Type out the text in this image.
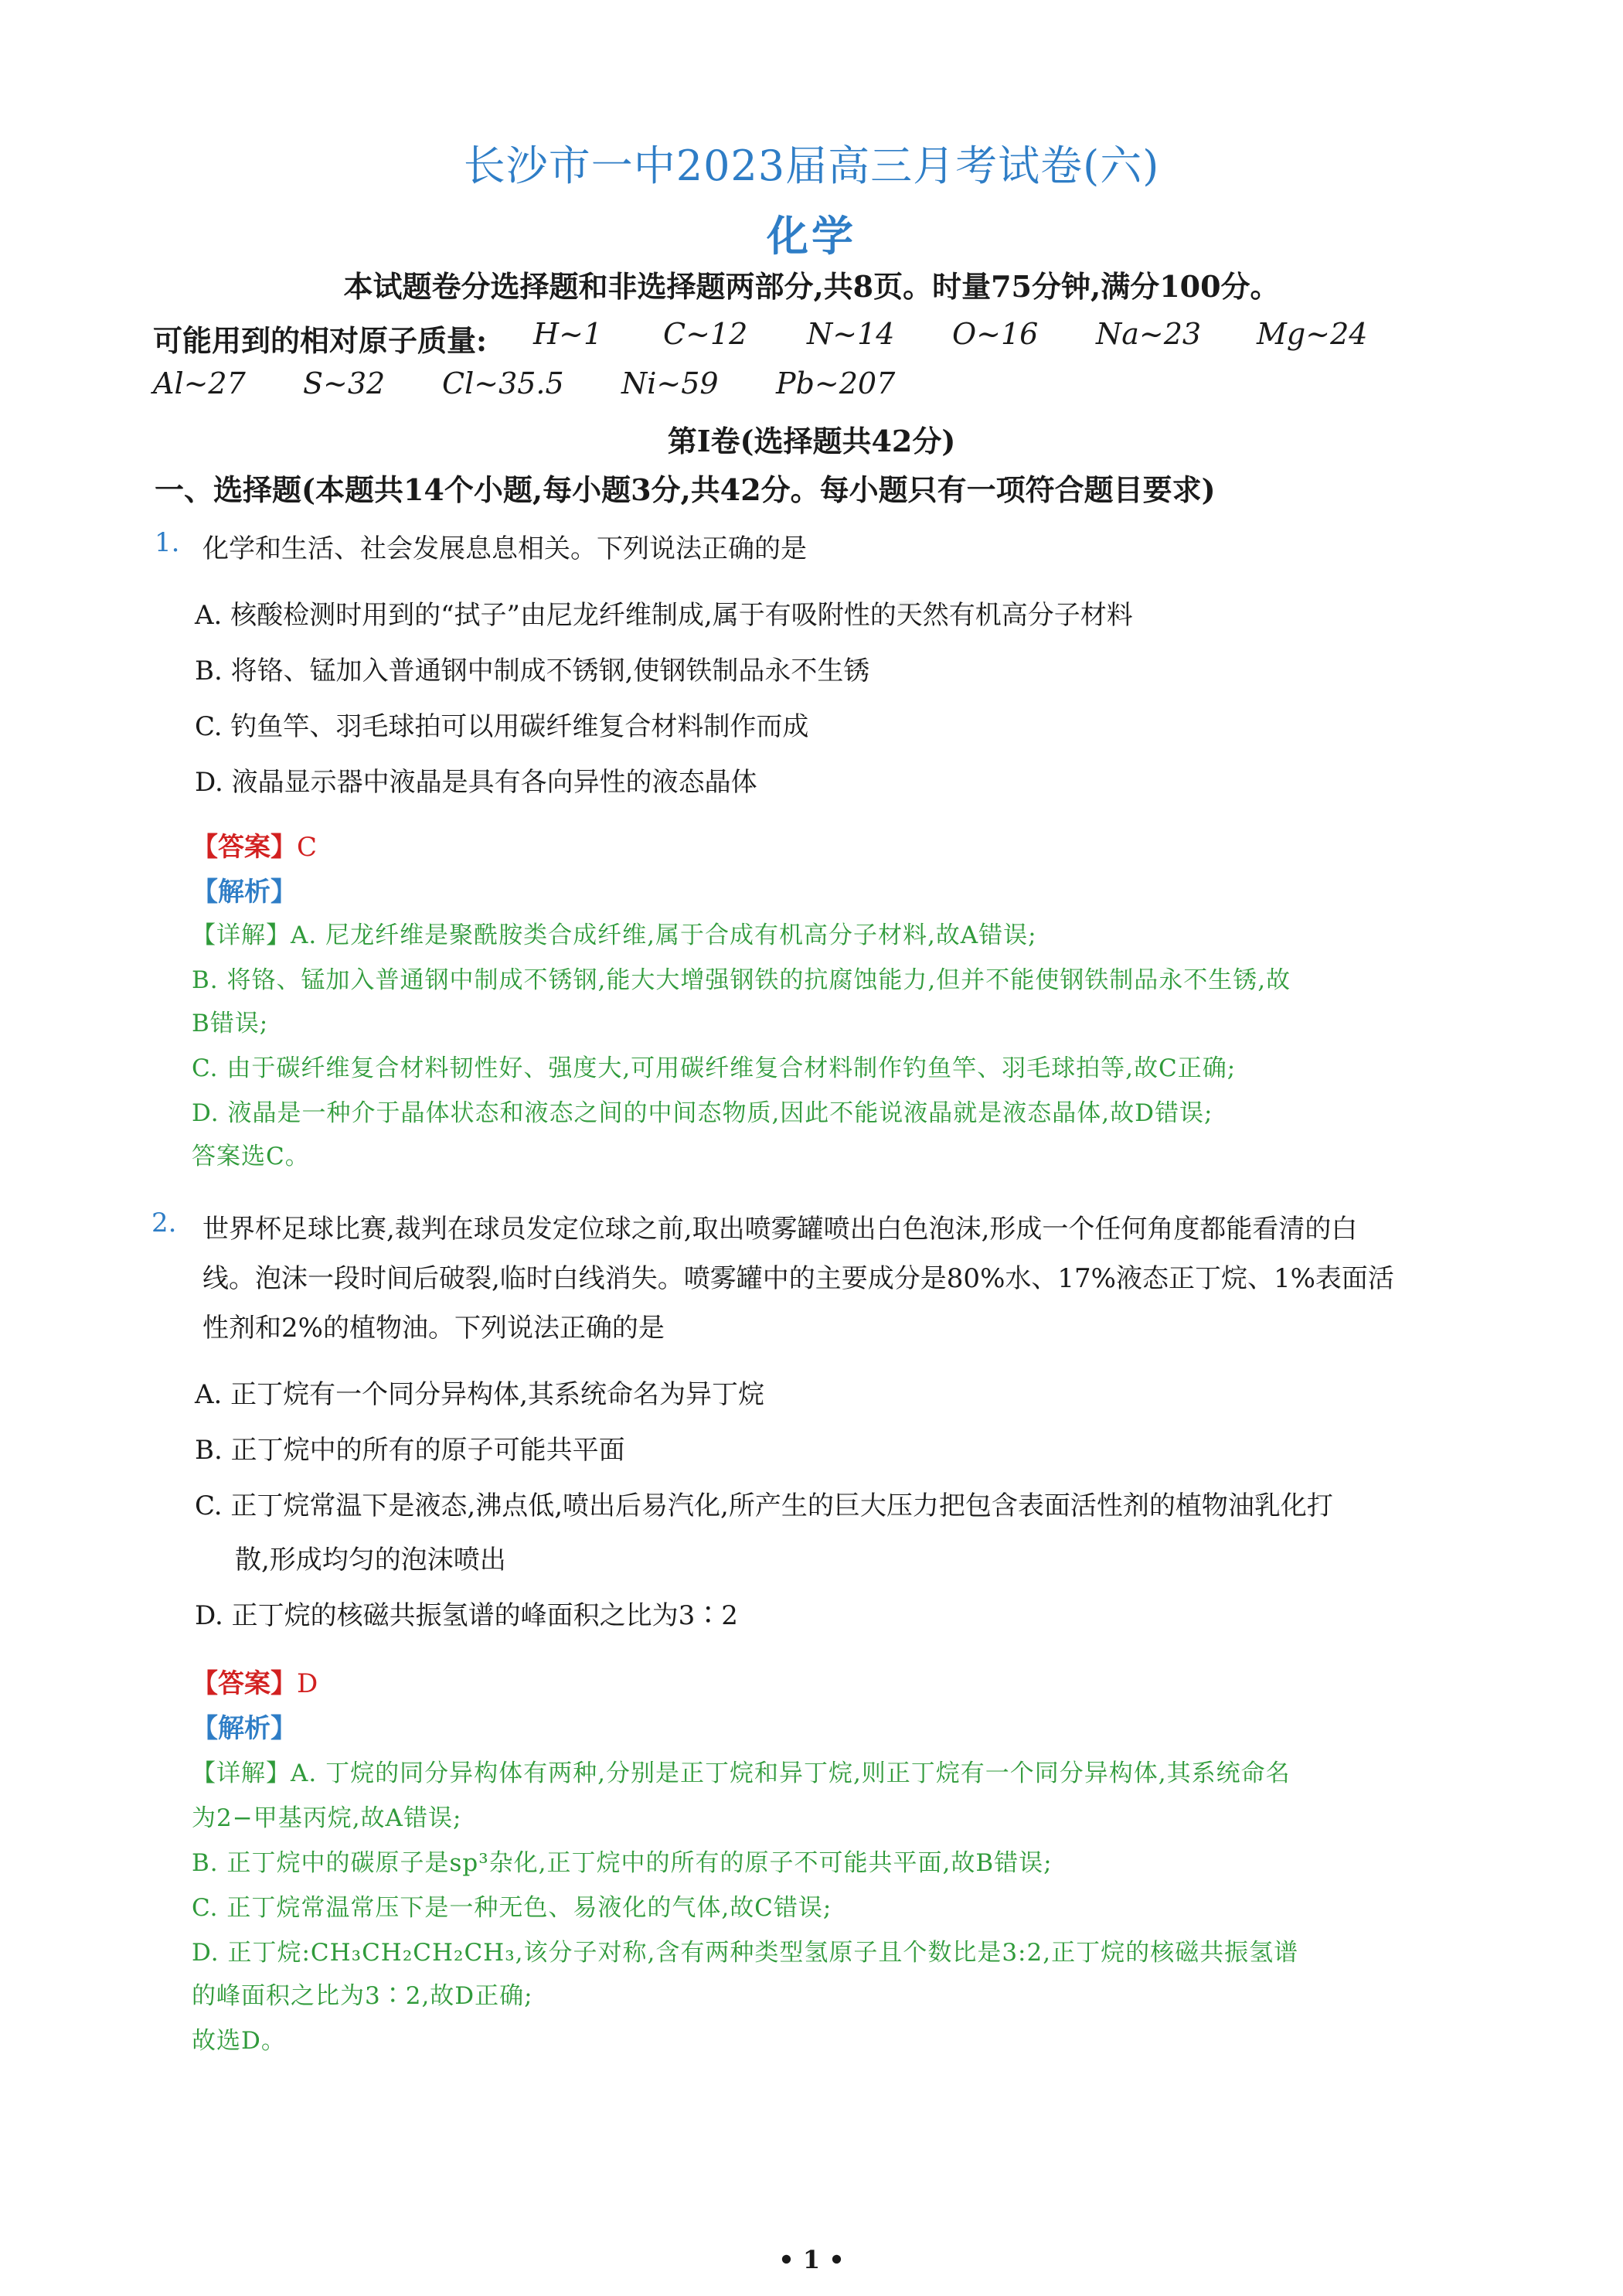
·
长沙市一中2023届高三月考试卷(六)
化学
本试题卷分选择题和非选择题两部分,共8页。时量75分钟,满分100分。
可能用到的相对原子质量: H~1 C~12 N~14 O~16 Na~23 Mg~24
Al~27 S~32 Cl~35.5 Ni~59 Pb~207
第Ⅰ卷(选择题共42分)
一、选择题(本题共14个小题,每小题3分,共42分。每小题只有一项符合题目要求)
1. 化学和生活、社会发展息息相关。下列说法正确的是
A. 核酸检测时用到的“拭子”由尼龙纤维制成,属于有吸附性的天然有机高分子材料
B. 将铬、锰加入普通钢中制成不锈钢,使钢铁制品永不生锈
C. 钓鱼竿、羽毛球拍可以用碳纤维复合材料制作而成
D. 液晶显示器中液晶是具有各向异性的液态晶体
【答案】C
【解析】
【详解】A. 尼龙纤维是聚酰胺类合成纤维,属于合成有机高分子材料,故A错误;
B. 将铬、锰加入普通钢中制成不锈钢,能大大增强钢铁的抗腐蚀能力,但并不能使钢铁制品永不生锈,故
B错误;
C. 由于碳纤维复合材料韧性好、强度大,可用碳纤维复合材料制作钓鱼竿、羽毛球拍等,故C正确;
D. 液晶是一种介于晶体状态和液态之间的中间态物质,因此不能说液晶就是液态晶体,故D错误;
答案选C。
2. 世界杯足球比赛,裁判在球员发定位球之前,取出喷雾罐喷出白色泡沫,形成一个任何角度都能看清的白
线。泡沫一段时间后破裂,临时白线消失。喷雾罐中的主要成分是80%水、17%液态正丁烷、1%表面活
性剂和2%的植物油。下列说法正确的是
A. 正丁烷有一个同分异构体,其系统命名为异丁烷
B. 正丁烷中的所有的原子可能共平面
C. 正丁烷常温下是液态,沸点低,喷出后易汽化,所产生的巨大压力把包含表面活性剂的植物油乳化打
散,形成均匀的泡沫喷出
D. 正丁烷的核磁共振氢谱的峰面积之比为3∶2
【答案】D
【解析】
【详解】A. 丁烷的同分异构体有两种,分别是正丁烷和异丁烷,则正丁烷有一个同分异构体,其系统命名
为2−甲基丙烷,故A错误;
B. 正丁烷中的碳原子是sp³杂化,正丁烷中的所有的原子不可能共平面,故B错误;
C. 正丁烷常温常压下是一种无色、易液化的气体,故C错误;
D. 正丁烷:CH₃CH₂CH₂CH₃,该分子对称,含有两种类型氢原子且个数比是3:2,正丁烷的核磁共振氢谱
的峰面积之比为3∶2,故D正确;
故选D。
• 1 •
